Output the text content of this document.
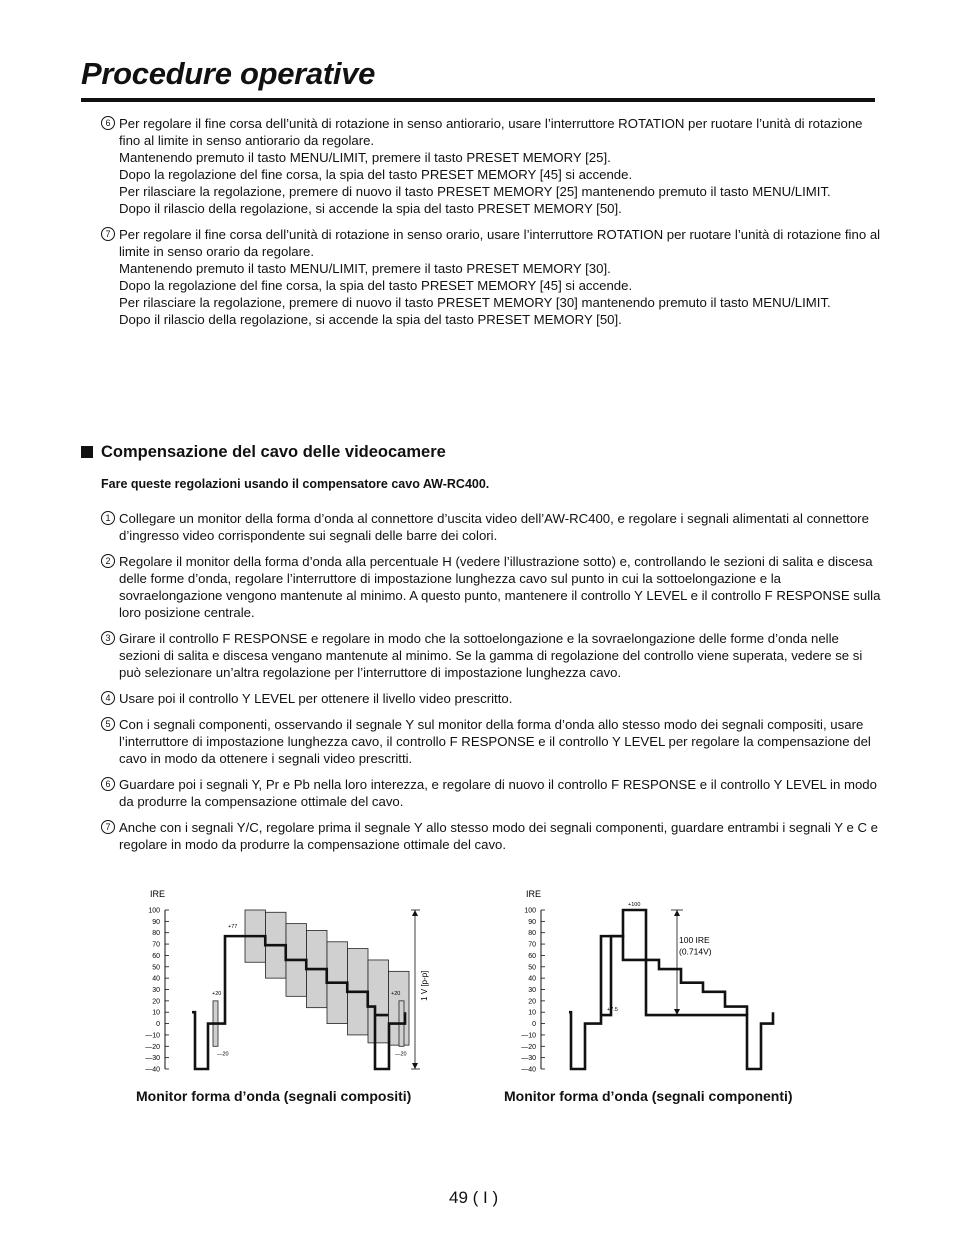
Procedure operative
6 Per regolare il fine corsa dell’unità di rotazione in senso antiorario, usare l’interruttore ROTATION per ruotare l’unità di rotazione fino al limite in senso antiorario da regolare.

Mantenendo premuto il tasto MENU/LIMIT, premere il tasto PRESET MEMORY [25].

Dopo la regolazione del fine corsa, la spia del tasto PRESET MEMORY [45] si accende.

Per rilasciare la regolazione, premere di nuovo il tasto PRESET MEMORY [25] mantenendo premuto il tasto MENU/LIMIT.

Dopo il rilascio della regolazione, si accende la spia del tasto PRESET MEMORY [50].

7 Per regolare il fine corsa dell’unità di rotazione in senso orario, usare l’interruttore ROTATION per ruotare l’unità di rotazione fino al limite in senso orario da regolare.

Mantenendo premuto il tasto MENU/LIMIT, premere il tasto PRESET MEMORY [30].

Dopo la regolazione del fine corsa, la spia del tasto PRESET MEMORY [45] si accende.

Per rilasciare la regolazione, premere di nuovo il tasto PRESET MEMORY [30] mantenendo premuto il tasto MENU/LIMIT.

Dopo il rilascio della regolazione, si accende la spia del tasto PRESET MEMORY [50].

Compensazione del cavo delle videocamere
Fare queste regolazioni usando il compensatore cavo AW-RC400.
1 Collegare un monitor della forma d’onda al connettore d’uscita video dell’AW-RC400, e regolare i segnali alimentati al connettore d’ingresso video corrispondente sui segnali delle barre dei colori.

2 Regolare il monitor della forma d’onda alla percentuale H (vedere l’illustrazione sotto) e, controllando le sezioni di salita e discesa delle forme d’onda, regolare l’interruttore di impostazione lunghezza cavo sul punto in cui la sottoelongazione e la sovraelongazione vengono mantenute al minimo. A questo punto, mantenere il controllo Y LEVEL e il controllo F RESPONSE sulla loro posizione centrale.

3 Girare il controllo F RESPONSE e regolare in modo che la sottoelongazione e la sovraelongazione delle forme d’onda nelle sezioni di salita e discesa vengano mantenute al minimo. Se la gamma di regolazione del controllo viene superata, vedere se si può selezionare un’altra regolazione per l’interruttore di impostazione lunghezza cavo.

4 Usare poi il controllo Y LEVEL per ottenere il livello video prescritto.

5 Con i segnali componenti, osservando il segnale Y sul monitor della forma d’onda allo stesso modo dei segnali compositi, usare l’interruttore di impostazione lunghezza cavo, il controllo F RESPONSE e il controllo Y LEVEL per regolare la compensazione del cavo in modo da ottenere i segnali video prescritti.

6 Guardare poi i segnali Y, Pr e Pb nella loro interezza, e regolare di nuovo il controllo F RESPONSE e il controllo Y LEVEL in modo da produrre la compensazione ottimale del cavo.

7 Anche con i segnali Y/C, regolare prima il segnale Y allo stesso modo dei segnali componenti, guardare entrambi i segnali Y e C e regolare in modo da produrre la compensazione ottimale del cavo.

IRE
100
90
80
70
60
50
40
30
20
10
0
—10
—20
—30
—40
+77
+20
—20
+20
—20
1 V [p-p]
Monitor forma d’onda (segnali compositi)
IRE
100
90
80
70
60
50
40
30
20
10
0
—10
—20
—30
—40
+100
+7.5
100 IRE
(0.714V)
Monitor forma d’onda (segnali componenti)
49 ( I )
